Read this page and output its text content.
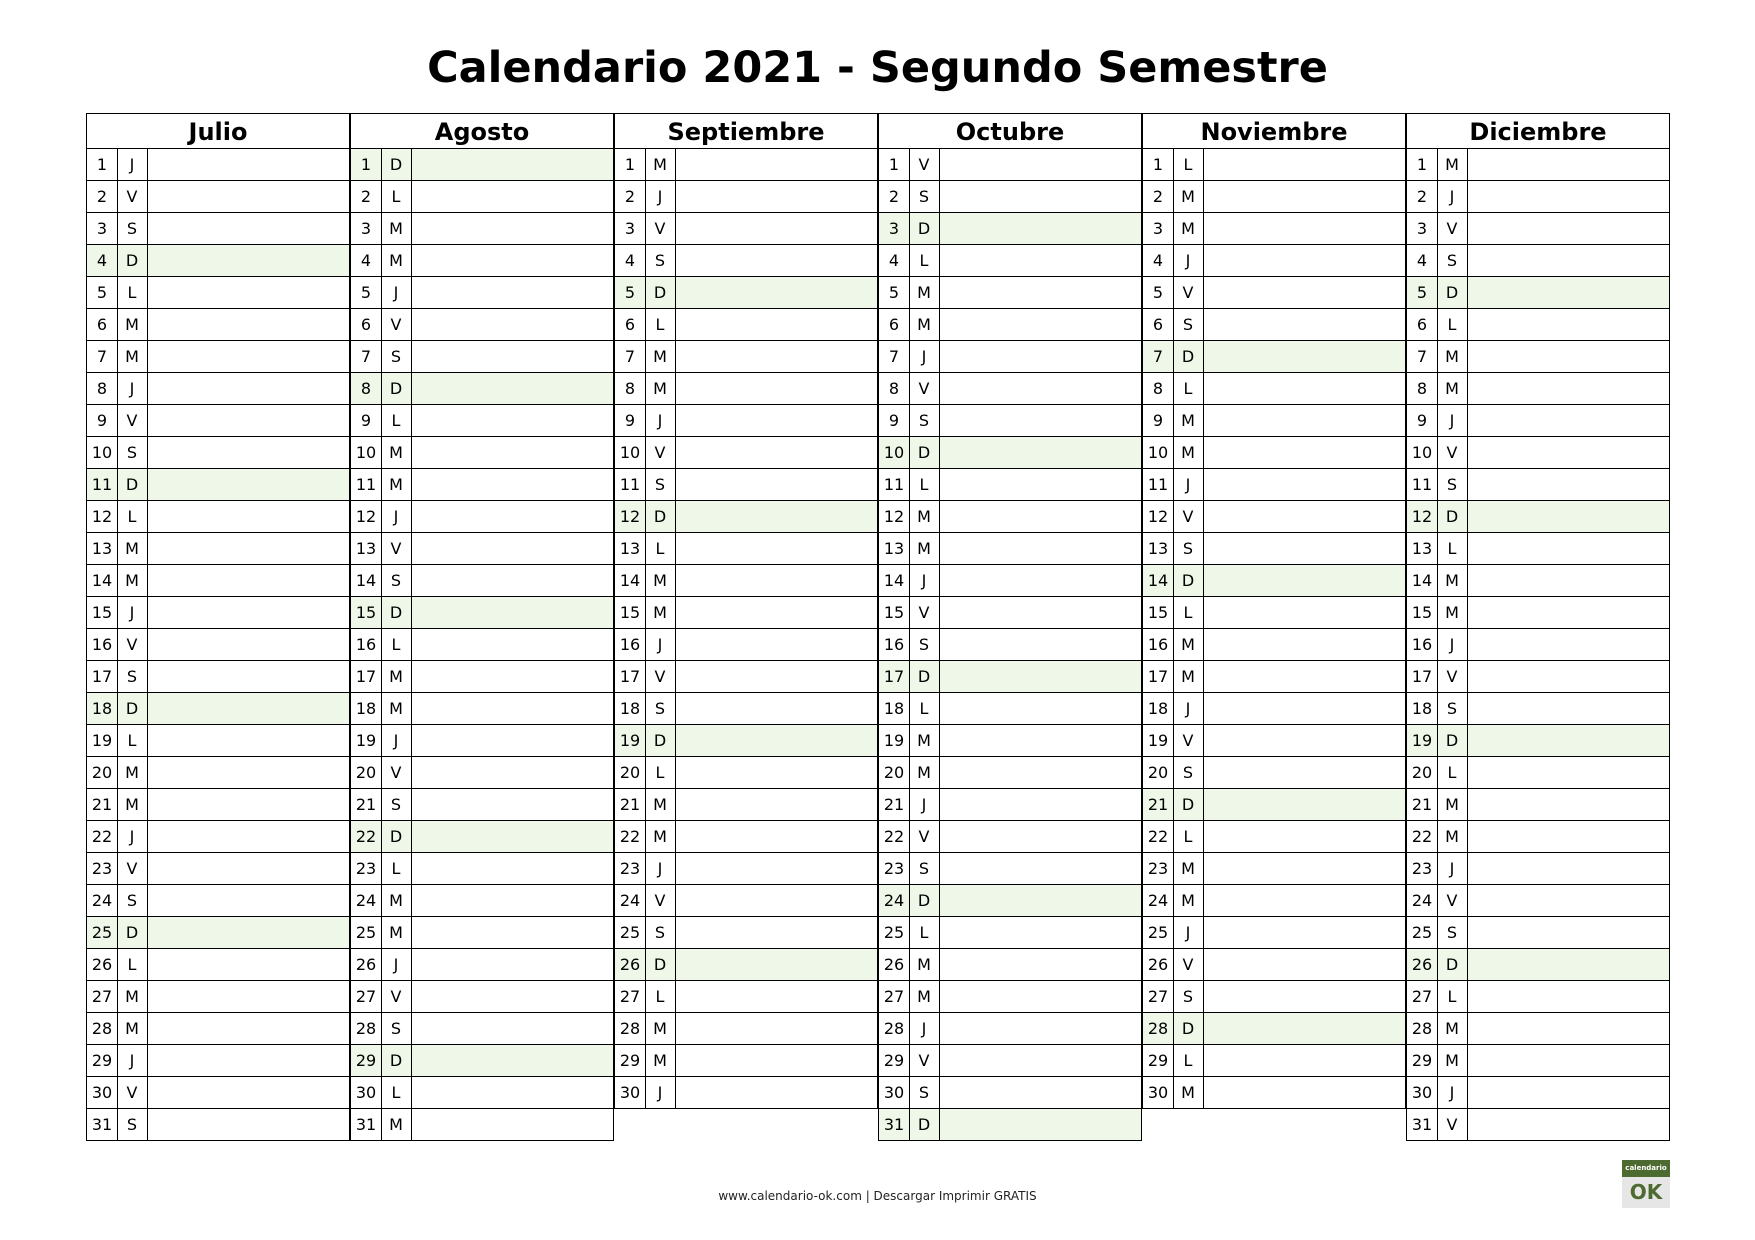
Calendario 2021 - Segundo Semestre
Julio
1	J
2	V
3	S
4	D
5	L
6	M
7	M
8	J
9	V
10 S
11 D
12 L
13 M
14 M
15	J
16 V
17 S
18 D
19 L
20 M
21 M
22	J
23 V
24 S
25 D
26 L
27 M
28 M
29	J
30 V
31 S
Agosto
1	D
2	L
3	M
4	M
5	J
6	V
7	S
8	D
9	L
10 M
11 M
12	J
13 V
14 S
15 D
16 L
17 M
18 M
19	J
20 V
21 S
22 D
23 L
24 M
25 M
26	J
27 V
28 S
29 D
30 L
31 M
Septiembre
1	M
2	J
3	V
4	S
5	D
6	L
7	M
8	M
9	J
10 V
11 S
12 D
13 L
14 M
15 M
16	J
17 V
18 S
19 D
20 L
21 M
22 M
23	J
24 V
25 S
26 D
27 L
28 M
29 M
30	J
Octubre
1	V
2	S
3	D
4	L
5	M
6	M
7	J
8	V
9	S
10 D
11 L
12 M
13 M
14	J
15 V
16 S
17 D
18 L
19 M
20 M
21	J
22 V
23 S
24 D
25 L
26 M
27 M
28	J
29 V
30 S
31 D
Noviembre
1	L
2	M
3	M
4	J
5	V
6	S
7	D
8	L
9	M
10 M
11	J
12 V
13 S
14 D
15 L
16 M
17 M
18	J
19 V
20 S
21 D
22 L
23 M
24 M
25	J
26 V
27 S
28 D
29 L
30 M
Diciembre
1	M
2	J
3	V
4	S
5	D
6	L
7	M
8	M
9	J
10 V
11 S
12 D
13 L
14 M
15 M
16	J
17 V
18 S
19 D
20 L
21 M
22 M
23	J
24 V
25 S
26 D
27 L
28 M
29 M
30	J
31 V
www.calendario-ok.com | Descargar Imprimir GRATIS
calendario
OK
